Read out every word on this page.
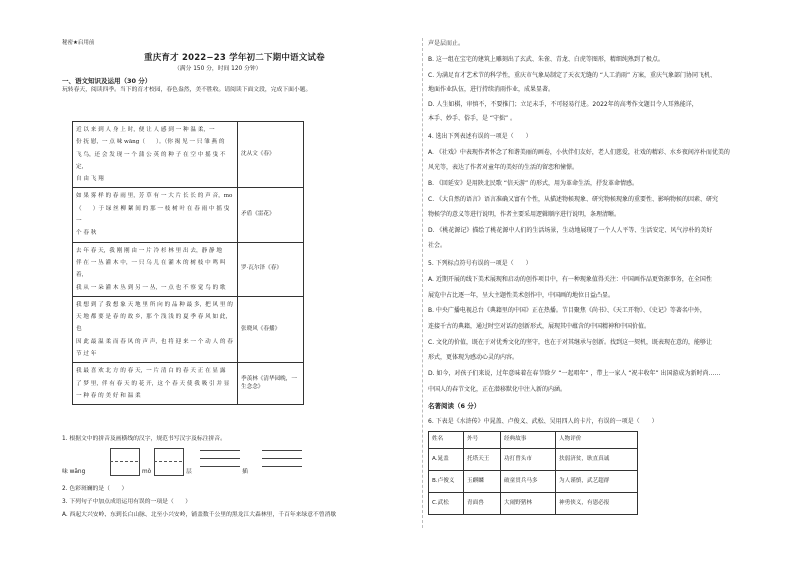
秘密★启用前
重庆育才 2022−23 学年初二下期中语文试卷
（满分 150 分，时间 120 分钟）
一、语文知识及运用（30 分）
玩转春天，阅读四季。当下的育才校园，春色盎然，美不胜收。请阅读下面文段，完成下面小题。
近 以 来 到 人 身 上 时，便 让 人 感 到 一 种 温 柔，一
份 抚 慰，一 点 味 wāng（　　）。（你 揭 见 一 只 雏 燕 的
飞 鸟，还 会 发 现 一 个 蒲 公 英 的 种 子 在 空 中 摇 曳 不 定，
自 由 飞 翔	沈从文《春》

如 果 雾 样 的 春 雨 里，芳 草 有 一 大 片 长 长 的 声 音，mo
（　　）于 绿 丝 柳 絮 间 的 那 一 枝 树 叶 在 春 雨 中 摇 曳 一
个 春 秋	矛盾《雷花》

去 年 春 天，我 刚 刚 由 一 片 冷 杉 林 里 出 去，静 静 地
伴 在 一 丛 灌 木 中，一 只 乌 儿 在 灌 木 的 树 枝 中 鸣 叫 着，
我 从 一 朵 灌 木 丛 到 另 一 丛，一 点 也 不 察 觉 鸟 的 歌	罗·瓦尔泽《春》

我 想 到 了 我 想 象 天 地 里 所 向 的 品 种 最 多，把 风 里 的
天 地 都 要 是 春 的 故 乡，那 个 浅 浅 的 夏 季 春 风 如 此，也
因 此 最 温 柔 而 春 风 的 声 声，也 将 迎 来 一 个 动 人 的 春
节 过 年	张晓风《春播》

我 最 喜 欢 北 方 的 春 天，一 片 清 白 的 春 天 正 在 显 露
了 梦 里，伴 有 春 天 的 花 开，这 个 春 天 使 我 吸 引 并 显
一 种 春 的 美 好 和 温 柔	季羡林《清华园晚，一生念念》
1. 根据文中的拼音及画横线的汉字，规范书写汉字及标注拼音。
味 wāng	mò	层	插
2. 色彩斑斓的是（　　）
3. 下列句子中加点成语运用有误的一项是（　　）
A. 西起大兴安岭、东到长白山脉、北至小兴安岭，铺盖数千公里的黑龙江大森林里，千百年来绿意不曾消歇
声是层而止。
B. 这一组在宝宅的建筑上雕刻出了玄武、朱雀、青龙、白虎等图形，精细纯熟到了极点。
C. 为满足育才艺术节的科学性，重庆市气象局制定了天衣无缝的 “人工消雨” 方案，重庆气象部门协同飞机、
地面作业队伍，进行持续消雨作业，成果显著。
D. 人生如棋，审慎不，不要推门；立足未手，不可轻易行进。2022年的高考作文题目令人耳熟能详，
本手、妙手、俗手，是 “守拙” 。
4. 选出下列表述有误的一项是（　　）
A. 《社戏》中表现作者怀念了和谐美丽的画卷，小伙伴们友好，老人们慈爱，社戏的精彩、水乡夜间淳朴而优美的
风光等，表达了作者对童年的美好的生活的留恋和憧憬。
B. 《回延安》是用陕北民歌 “信天游” 的形式，用为革命生活，抒发革命情感。
C. 《大自然的语言》语言准确又富有个性，从描述物候现象、研究物候现象的重要性、影响物候的因素、研究
物候学的意义等进行说明，作者主要采用逻辑顺序进行说明，条理清晰。
D. 《桃花源记》描绘了桃花源中人们的生活场景，生动地展现了一个人人平等、生活安定、风气淳朴的美好
社会。
5. 下列标点符号有误的一项是（　　）
A. 近期开展的线下美术展现和启动的创作项目中，有一种现象值得关注：中国画作品更资源事务，在全国性
展览中占比逐一年，呈大主题性美术创作中，中国画的地位日益凸显。
B. 中央广播电视总台《典籍里的中国》正在热播。节目聚焦《尚书》、《天工开物》、《史记》等著名中外，
连接千古的典籍，通过时空对话的创新形式，展现其中蕴含的中国精神和中国价值。
C. 文化的价值，既在于对优秀文化的坚守，也在于对其继承与创新。找到这一契机，既表现在意的，能够让
形式，更体现为感动心灵的内容。
D. 如今，对孩子们来说，过年意味着在春节除夕 “一起唱年” ，带上一家人 “祝丰收年” 出国游成为新时尚……
中国人的春节文化，正在潜移默化中注入新的内涵。
名著阅读（6 分）
6. 下表是《水浒传》中晁盖、卢俊义、武松、吴用四人的卡片，有误的一项是（　　）
姓名	外号	经典故事	人物评价
A.晁盖	托塔天王	功打曾头市	扶弱济贫，耿直真诚
B.卢俊义	玉麒麟	破童贯兵马多	为人谨慎，武艺超群
C.武松	青面兽	大闹野猪林	神勇侠义，有恩必报
